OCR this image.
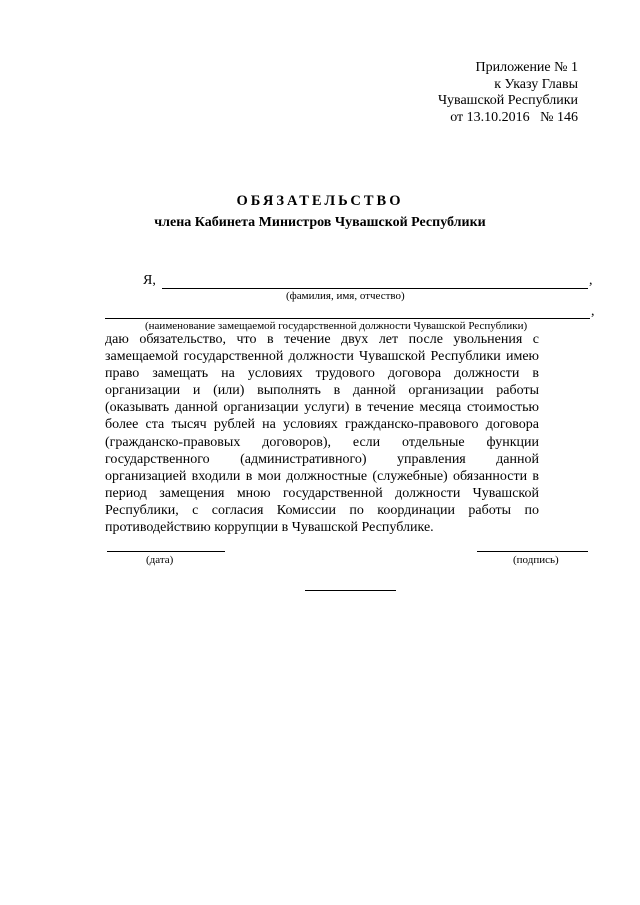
Приложение № 1
к Указу Главы
Чувашской Республики
от 13.10.2016   № 146
ОБЯЗАТЕЛЬСТВО
члена Кабинета Министров Чувашской Республики
Я,	,
(фамилия, имя, отчество)
,
(наименование замещаемой государственной должности Чувашской Республики)
даю обязательство, что в течение двух лет после увольнения с замещаемой государственной должности Чувашской Республики имею право замещать на условиях трудового договора должности в организации и (или) выполнять в данной организации работы (оказывать данной организации услуги) в течение месяца стоимостью более ста тысяч рублей на условиях гражданско-правового договора (гражданско-правовых договоров), если отдельные функции государственного (административного) управления данной организацией входили в мои должностные (служебные) обязанности в период замещения мною государственной должности Чувашской Республики, с согласия Комиссии по координации работы по противодействию коррупции в Чувашской Республике.
(дата)	(подпись)
